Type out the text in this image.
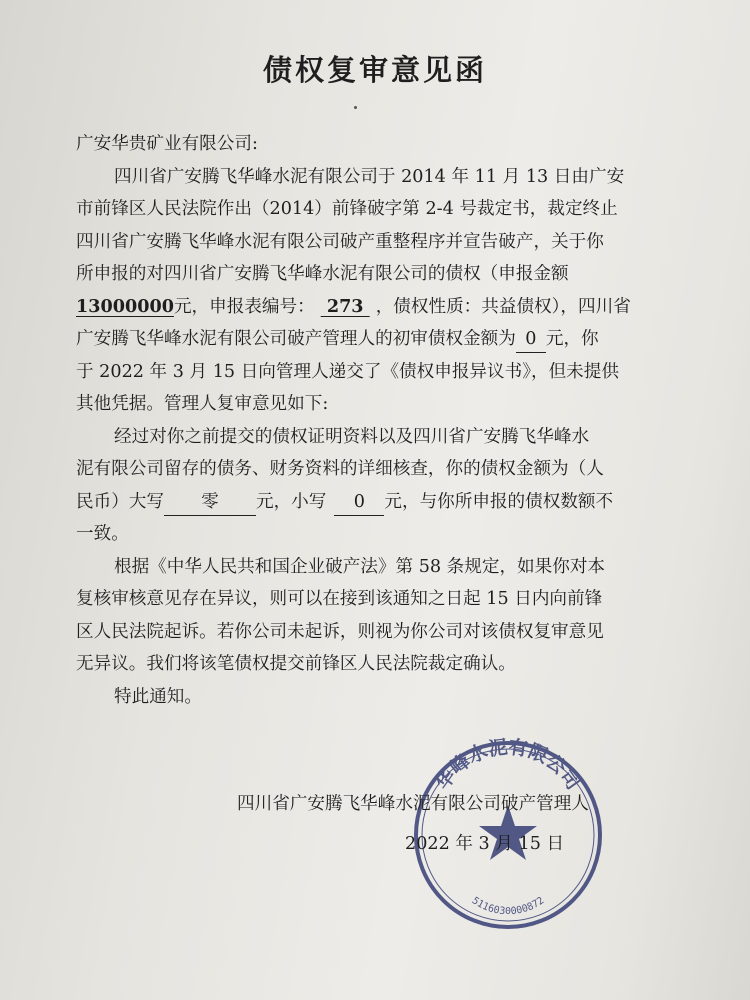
债权复审意见函
广安华贵矿业有限公司:
四川省广安腾飞华峰水泥有限公司于 2014 年 11 月 13 日由广安
市前锋区人民法院作出（2014）前锋破字第 2-4 号裁定书，裁定终止
四川省广安腾飞华峰水泥有限公司破产重整程序并宣告破产，关于你
所申报的对四川省广安腾飞华峰水泥有限公司的债权（申报金额
13000000元，申报表编号： 273 ，债权性质：共益债权），四川省
广安腾飞华峰水泥有限公司破产管理人的初审债权金额为 0 元，你
于 2022 年 3 月 15 日向管理人递交了《债权申报异议书》，但未提供
其他凭据。管理人复审意见如下:
经过对你之前提交的债权证明资料以及四川省广安腾飞华峰水
泥有限公司留存的债务、财务资料的详细核查，你的债权金额为（人
民币）大写 零 元，小写 0 元，与你所申报的债权数额不
一致。
根据《中华人民共和国企业破产法》第 58 条规定，如果你对本
复核审核意见存在异议，则可以在接到该通知之日起 15 日内向前锋
区人民法院起诉。若你公司未起诉，则视为你公司对该债权复审意见
无异议。我们将该笔债权提交前锋区人民法院裁定确认。
特此通知。
华峰水泥有限公司
5116030000872
四川省广安腾飞华峰水泥有限公司破产管理人
2022 年 3 月 15 日
